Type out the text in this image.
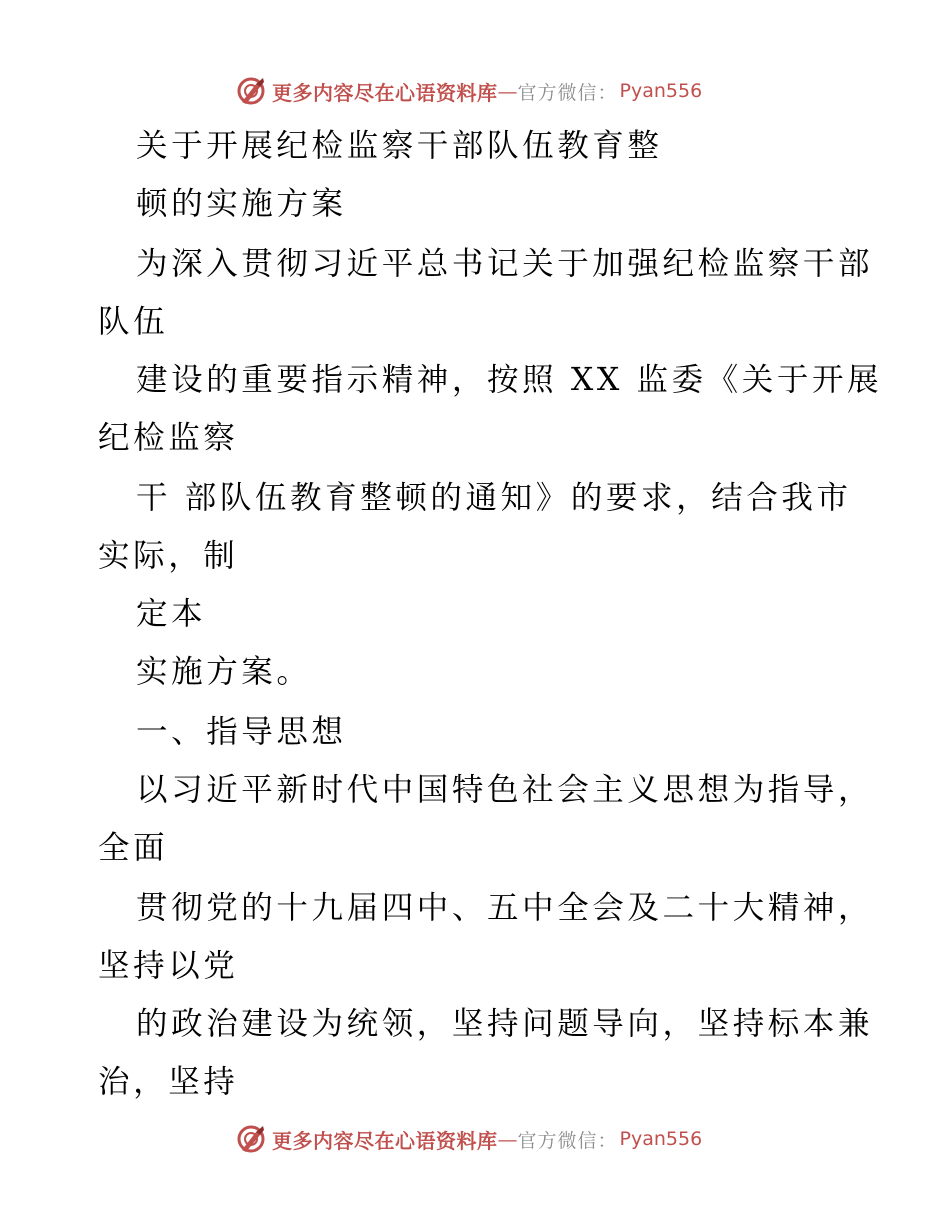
更多内容尽在心语资料库 — 官方微信： Pyan556
关于开展纪检监察干部队伍教育整
顿的实施方案
为深入贯彻习近平总书记关于加强纪检监察干部
队伍
建设的重要指示精神，按照 XX 监委《关于开展
纪检监察
干 部队伍教育整顿的通知》的要求，结合我市
实际，制
定本
实施方案。
一、指导思想
以习近平新时代中国特色社会主义思想为指导，
全面
贯彻党的十九届四中、五中全会及二十大精神，
坚持以党
的政治建设为统领，坚持问题导向，坚持标本兼
治，坚持
更多内容尽在心语资料库 — 官方微信： Pyan556
